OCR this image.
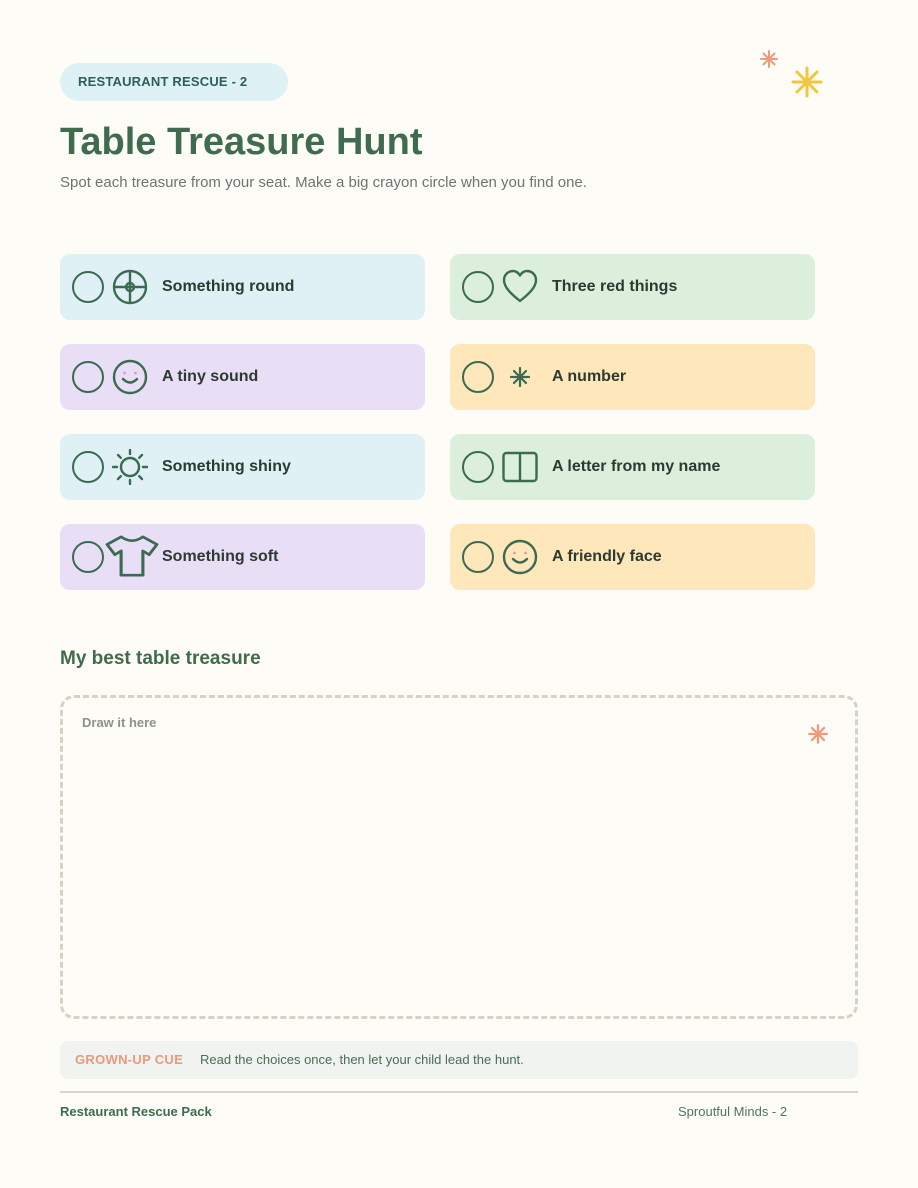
RESTAURANT RESCUE - 2
Table Treasure Hunt

Spot each treasure from your seat. Make a big crayon circle when you find one.

Something round	Three red things
A tiny sound	A number
Something shiny	A letter from my name
Something soft	A friendly face
My best table treasure
Draw it here
GROWN-UP CUE Read the choices once, then let your child lead the hunt.
Restaurant Rescue Pack	Sproutful Minds - 2
